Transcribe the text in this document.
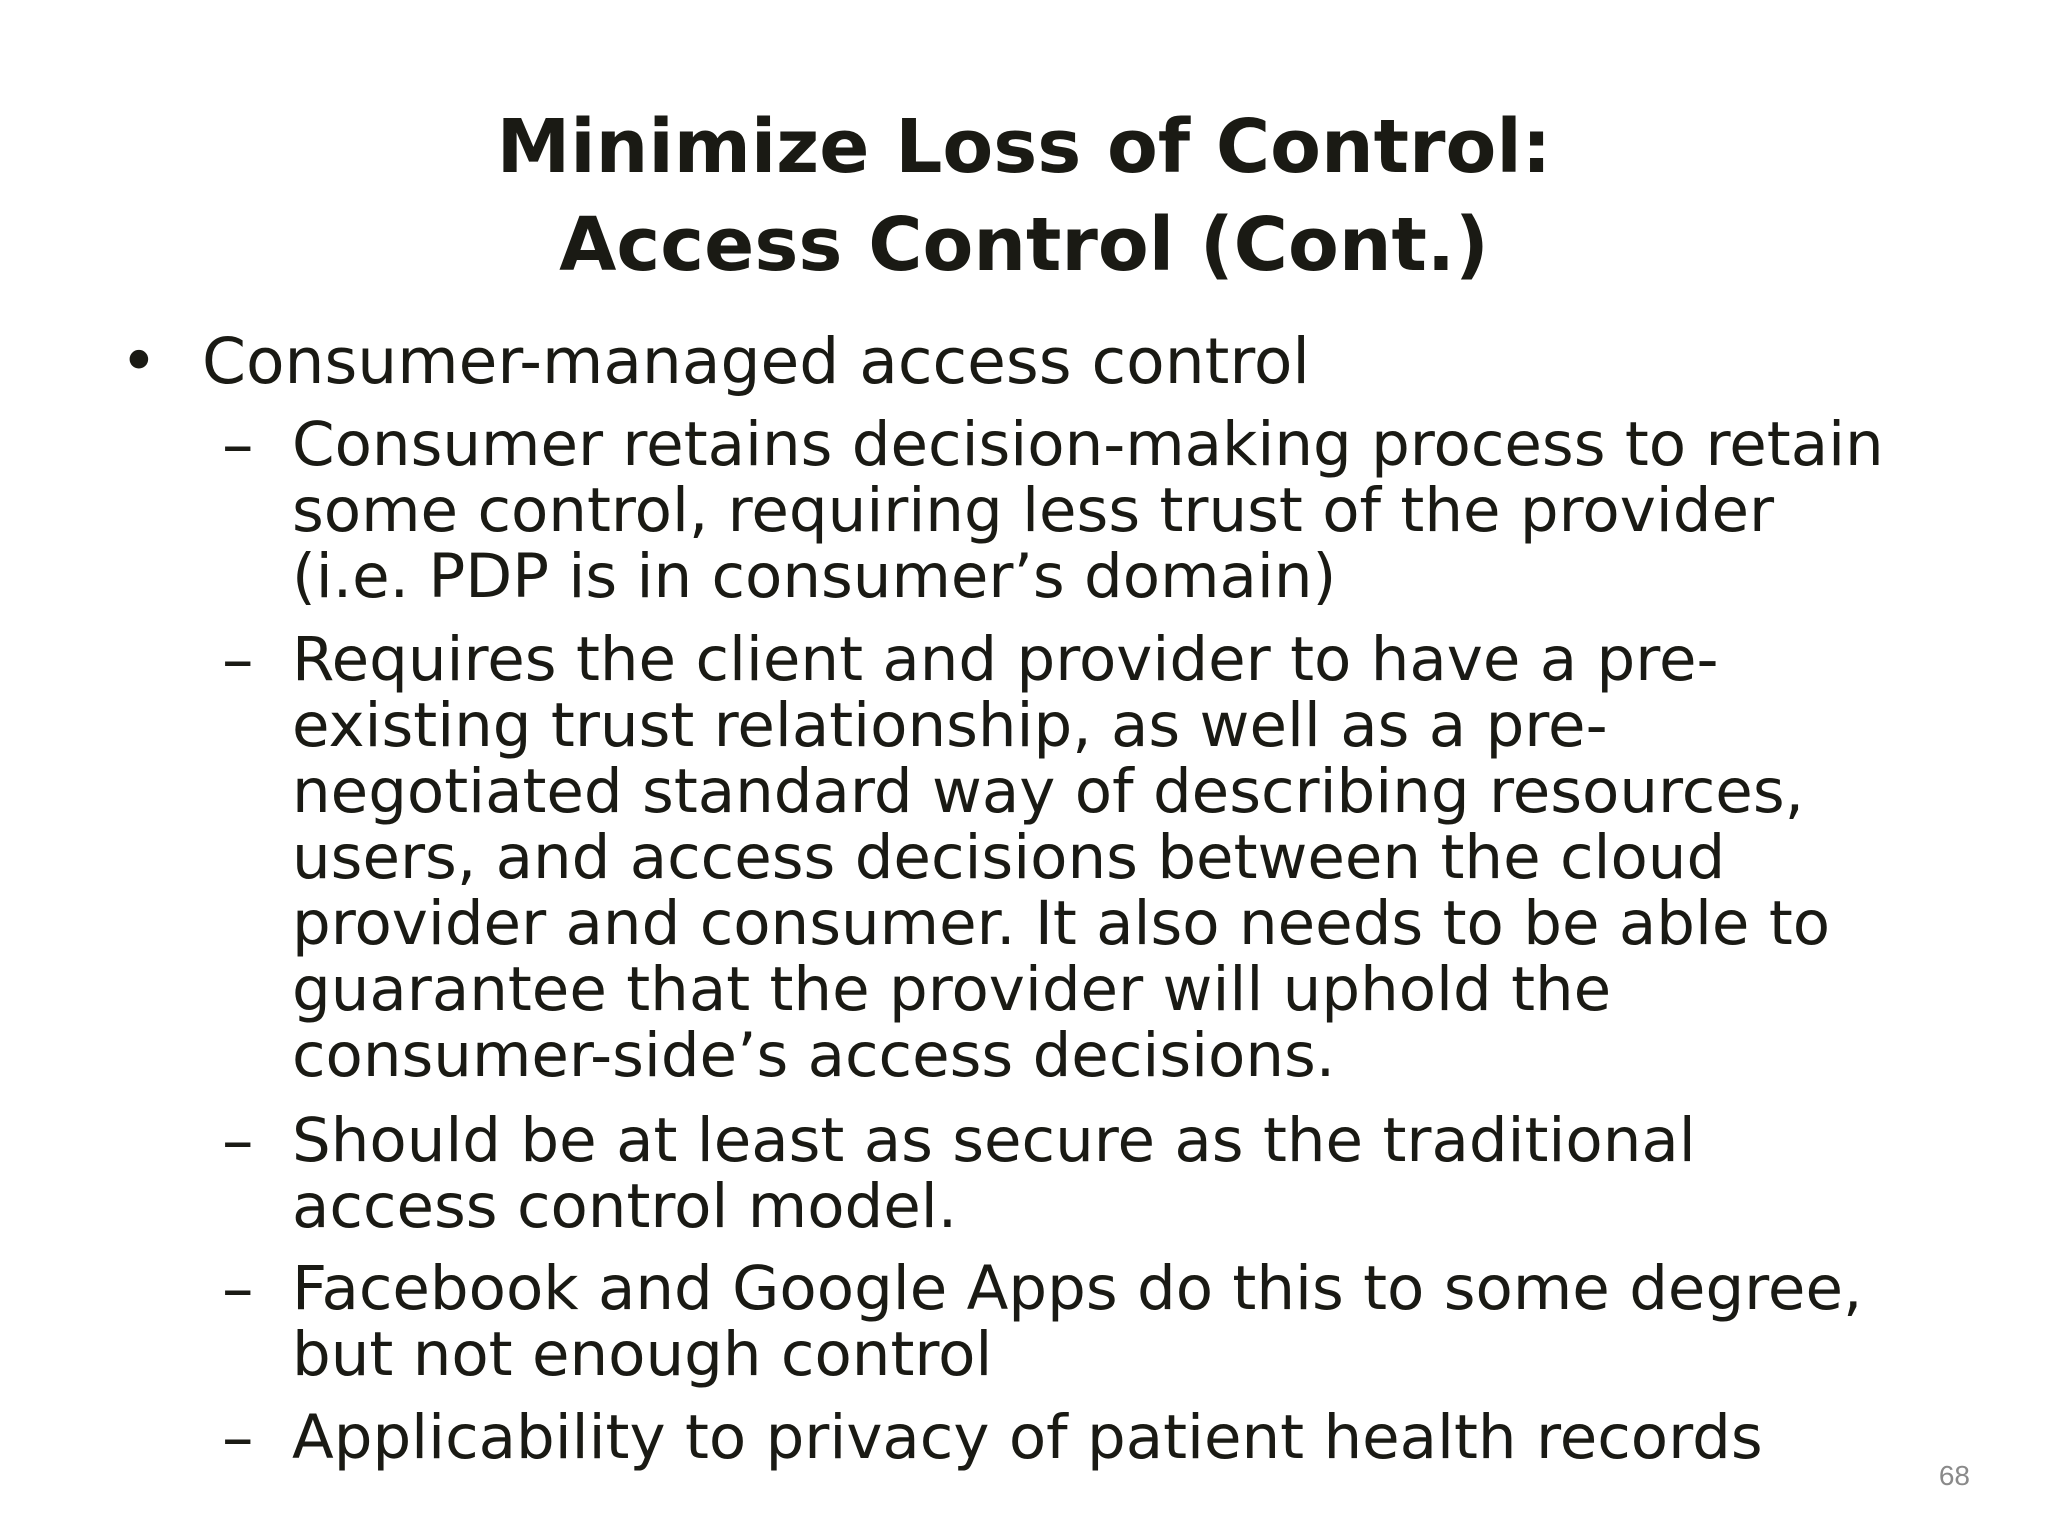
Minimize Loss of Control:
Access Control (Cont.)
• Consumer-managed access control
– Consumer retains decision-making process to retain
some control, requiring less trust of the provider
(i.e. PDP is in consumer’s domain)
– Requires the client and provider to have a pre-
existing trust relationship, as well as a pre-
negotiated standard way of describing resources,
users, and access decisions between the cloud
provider and consumer. It also needs to be able to
guarantee that the provider will uphold the
consumer-side’s access decisions.
– Should be at least as secure as the traditional
access control model.
– Facebook and Google Apps do this to some degree,
but not enough control
– Applicability to privacy of patient health records
68
